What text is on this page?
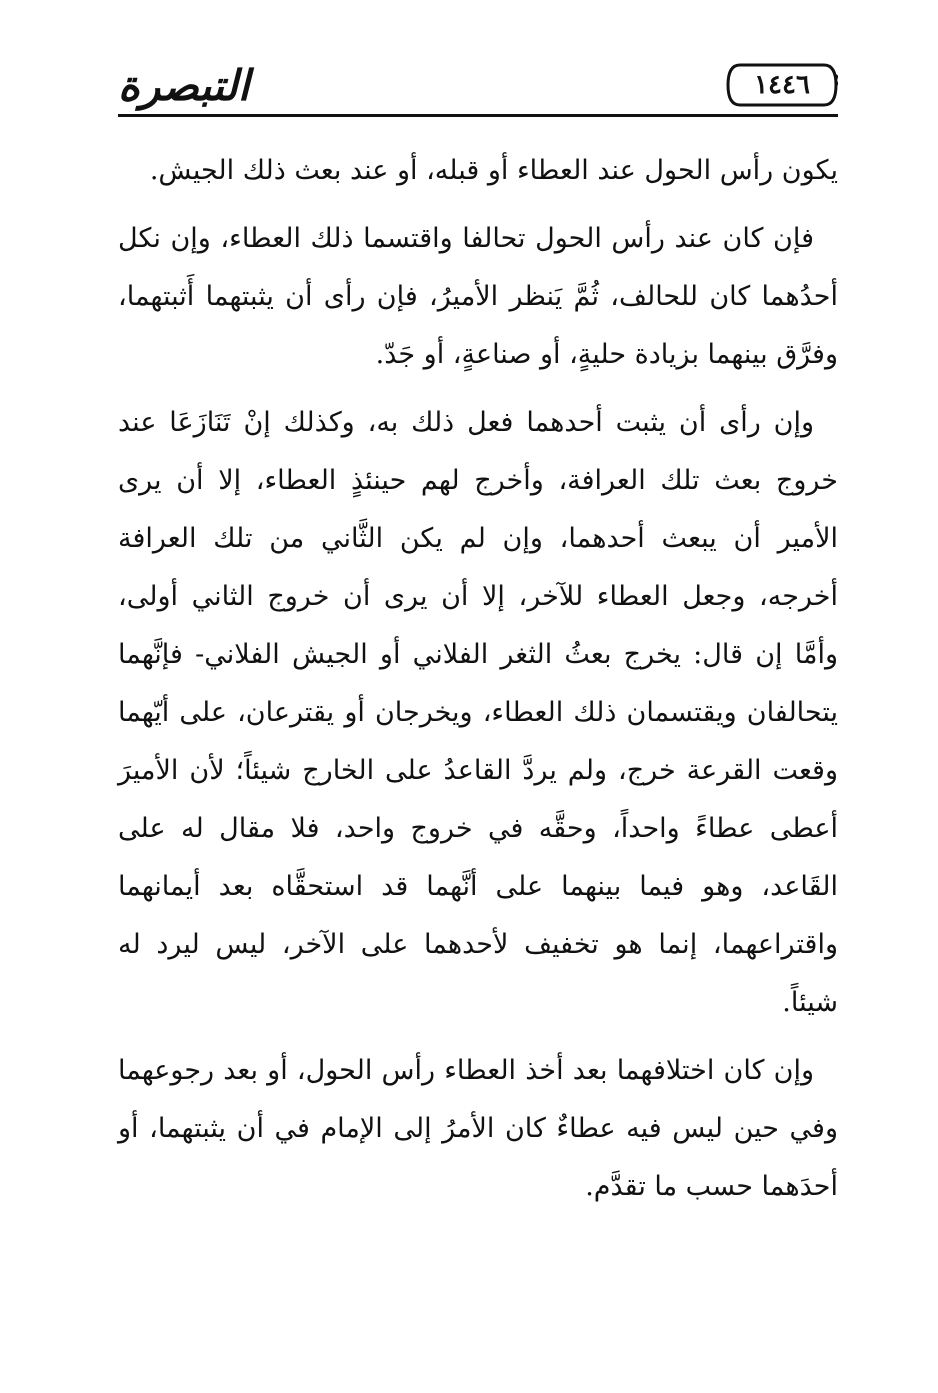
التبصرة	١٤٤٦

يكون رأس الحول عند العطاء أو قبله، أو عند بعث ذلك الجيش.

فإن كان عند رأس الحول تحالفا واقتسما ذلك العطاء، وإن نكل أحدُهما كان للحالف، ثُمَّ يَنظر الأميرُ، فإن رأى أن يثبتهما أَثبتهما، وفرَّق بينهما بزيادة حليةٍ، أو صناعةٍ، أو جَدّ.

وإن رأى أن يثبت أحدهما فعل ذلك به، وكذلك إنْ تَنَازَعَا عند خروج بعث تلك العرافة، وأخرج لهم حينئذٍ العطاء، إلا أن يرى الأمير أن يبعث أحدهما، وإن لم يكن الثَّاني من تلك العرافة أخرجه، وجعل العطاء للآخر، إلا أن يرى أن خروج الثاني أولى، وأمَّا إن قال: يخرج بعثُ الثغر الفلاني أو الجيش الفلاني- فإنَّهما يتحالفان ويقتسمان ذلك العطاء، ويخرجان أو يقترعان، على أيّهما وقعت القرعة خرج، ولم يردَّ القاعدُ على الخارج شيئاً؛ لأن الأميرَ أعطى عطاءً واحداً، وحقَّه في خروج واحد، فلا مقال له على القَاعد، وهو فيما بينهما على أنَّهما قد استحقَّاه بعد أيمانهما واقتراعهما، إنما هو تخفيف لأحدهما على الآخر، ليس ليرد له شيئاً.

وإن كان اختلافهما بعد أخذ العطاء رأس الحول، أو بعد رجوعهما وفي حين ليس فيه عطاءٌ كان الأمرُ إلى الإمام في أن يثبتهما، أو أحدَهما حسب ما تقدَّم.
